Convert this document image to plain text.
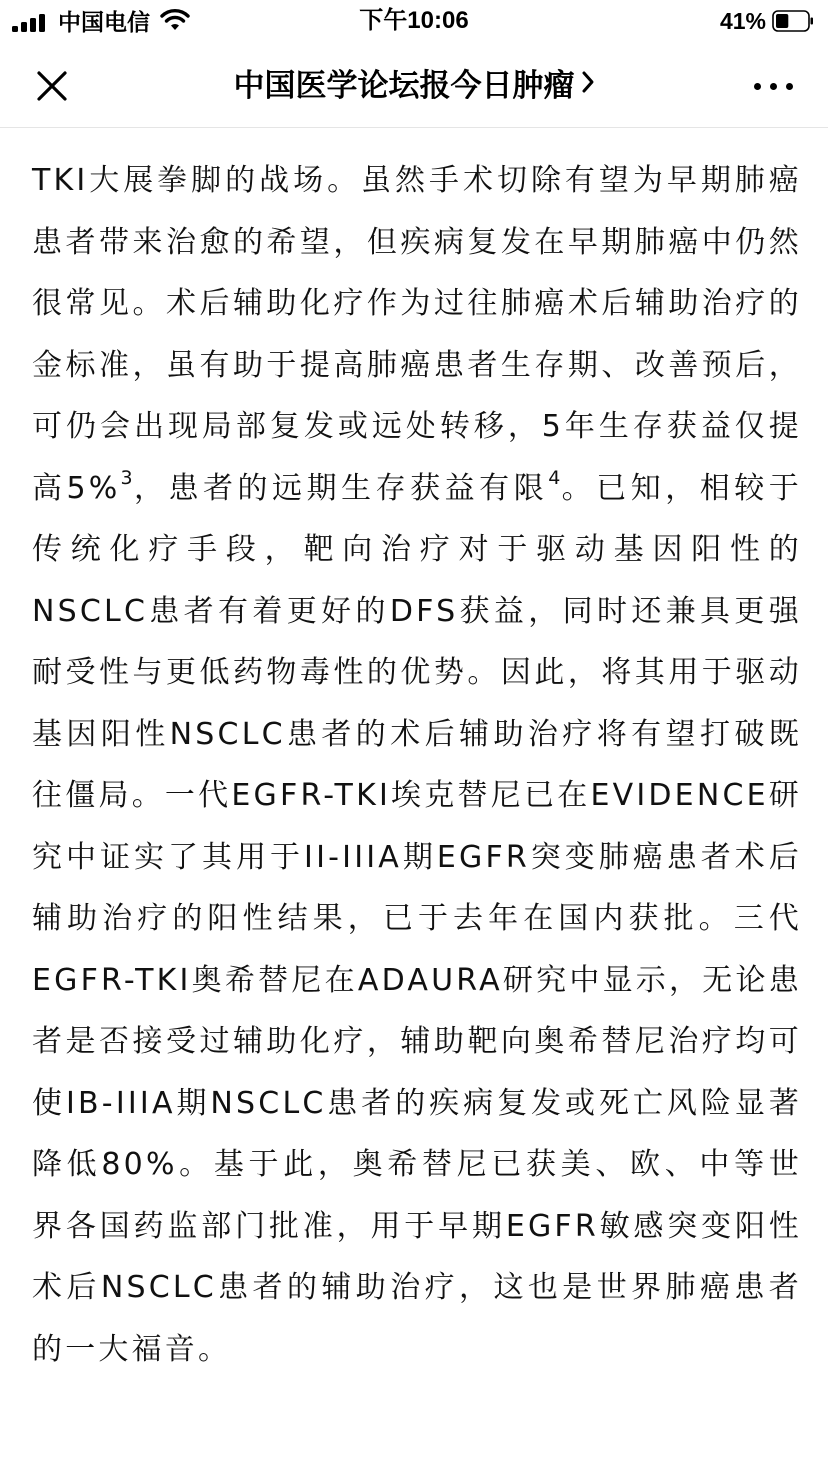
中国电信	下午10:06	41%
中国医学论坛报今日肿瘤
TKI大展拳脚的战场。虽然手术切除有望为早期肺癌患者带来治愈的希望，但疾病复发在早期肺癌中仍然很常见。术后辅助化疗作为过往肺癌术后辅助治疗的金标准，虽有助于提高肺癌患者生存期、改善预后，可仍会出现局部复发或远处转移，5年生存获益仅提高5%$^3$，患者的远期生存获益有限$^4$。已知，相较于传统化疗手段，靶向治疗对于驱动基因阳性的NSCLC患者有着更好的DFS获益，同时还兼具更强耐受性与更低药物毒性的优势。因此，将其用于驱动基因阳性NSCLC患者的术后辅助治疗将有望打破既往僵局。一代EGFR-TKI埃克替尼已在EVIDENCE研究中证实了其用于II-IIIA期EGFR突变肺癌患者术后辅助治疗的阳性结果，已于去年在国内获批。三代EGFR-TKI奥希替尼在ADAURA研究中显示，无论患者是否接受过辅助化疗，辅助靶向奥希替尼治疗均可使IB-IIIA期NSCLC患者的疾病复发或死亡风险显著降低80%。基于此，奥希替尼已获美、欧、中等世界各国药监部门批准，用于早期EGFR敏感突变阳性术后NSCLC患者的辅助治疗，这也是世界肺癌患者的一大福音。
